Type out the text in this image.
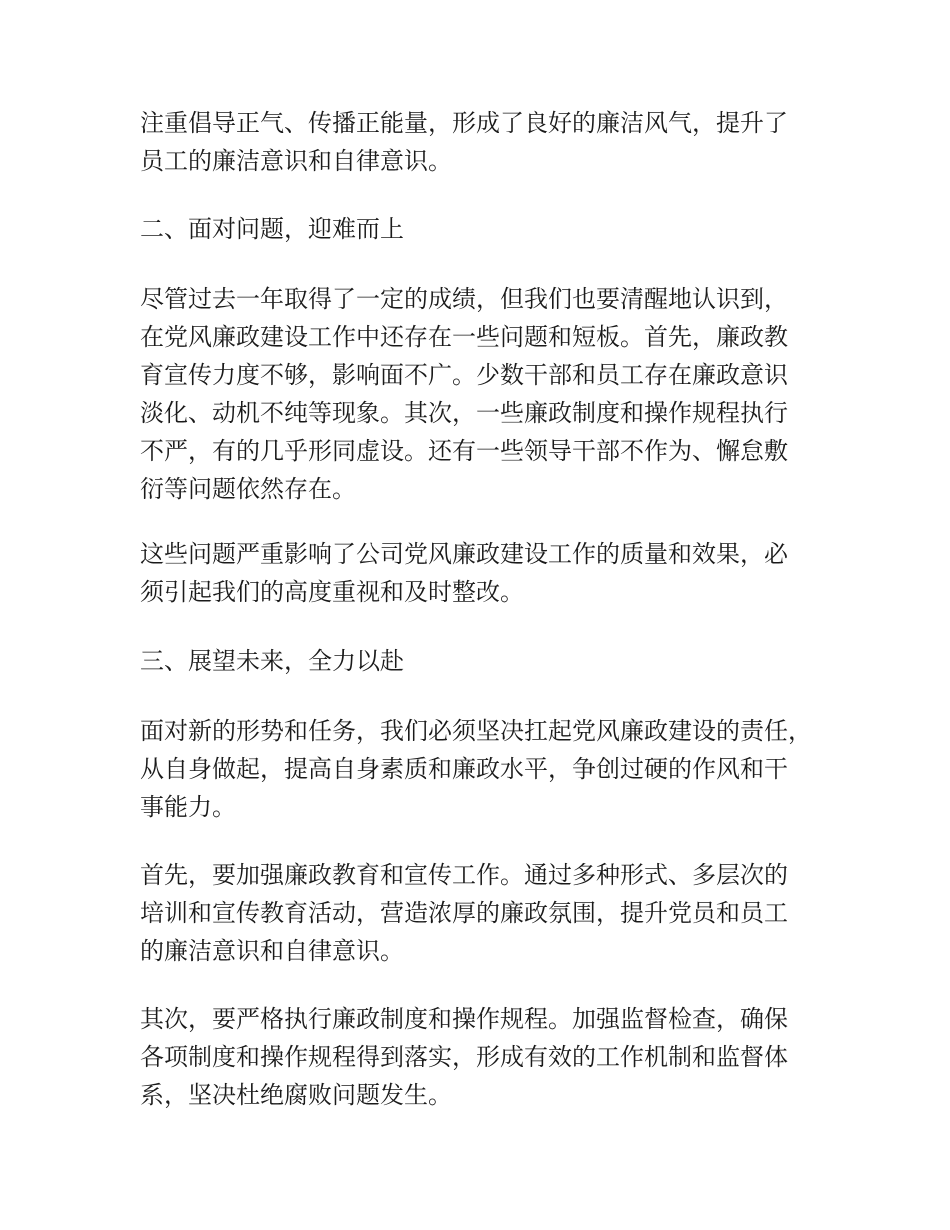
注重倡导正气、传播正能量，形成了良好的廉洁风气，提升了
员工的廉洁意识和自律意识。

二、面对问题，迎难而上

尽管过去一年取得了一定的成绩，但我们也要清醒地认识到，
在党风廉政建设工作中还存在一些问题和短板。首先，廉政教
育宣传力度不够，影响面不广。少数干部和员工存在廉政意识
淡化、动机不纯等现象。其次，一些廉政制度和操作规程执行
不严，有的几乎形同虚设。还有一些领导干部不作为、懈怠敷
衍等问题依然存在。

这些问题严重影响了公司党风廉政建设工作的质量和效果，必
须引起我们的高度重视和及时整改。

三、展望未来，全力以赴

面对新的形势和任务，我们必须坚决扛起党风廉政建设的责任，
从自身做起，提高自身素质和廉政水平，争创过硬的作风和干
事能力。

首先，要加强廉政教育和宣传工作。通过多种形式、多层次的
培训和宣传教育活动，营造浓厚的廉政氛围，提升党员和员工
的廉洁意识和自律意识。

其次，要严格执行廉政制度和操作规程。加强监督检查，确保
各项制度和操作规程得到落实，形成有效的工作机制和监督体
系，坚决杜绝腐败问题发生。
